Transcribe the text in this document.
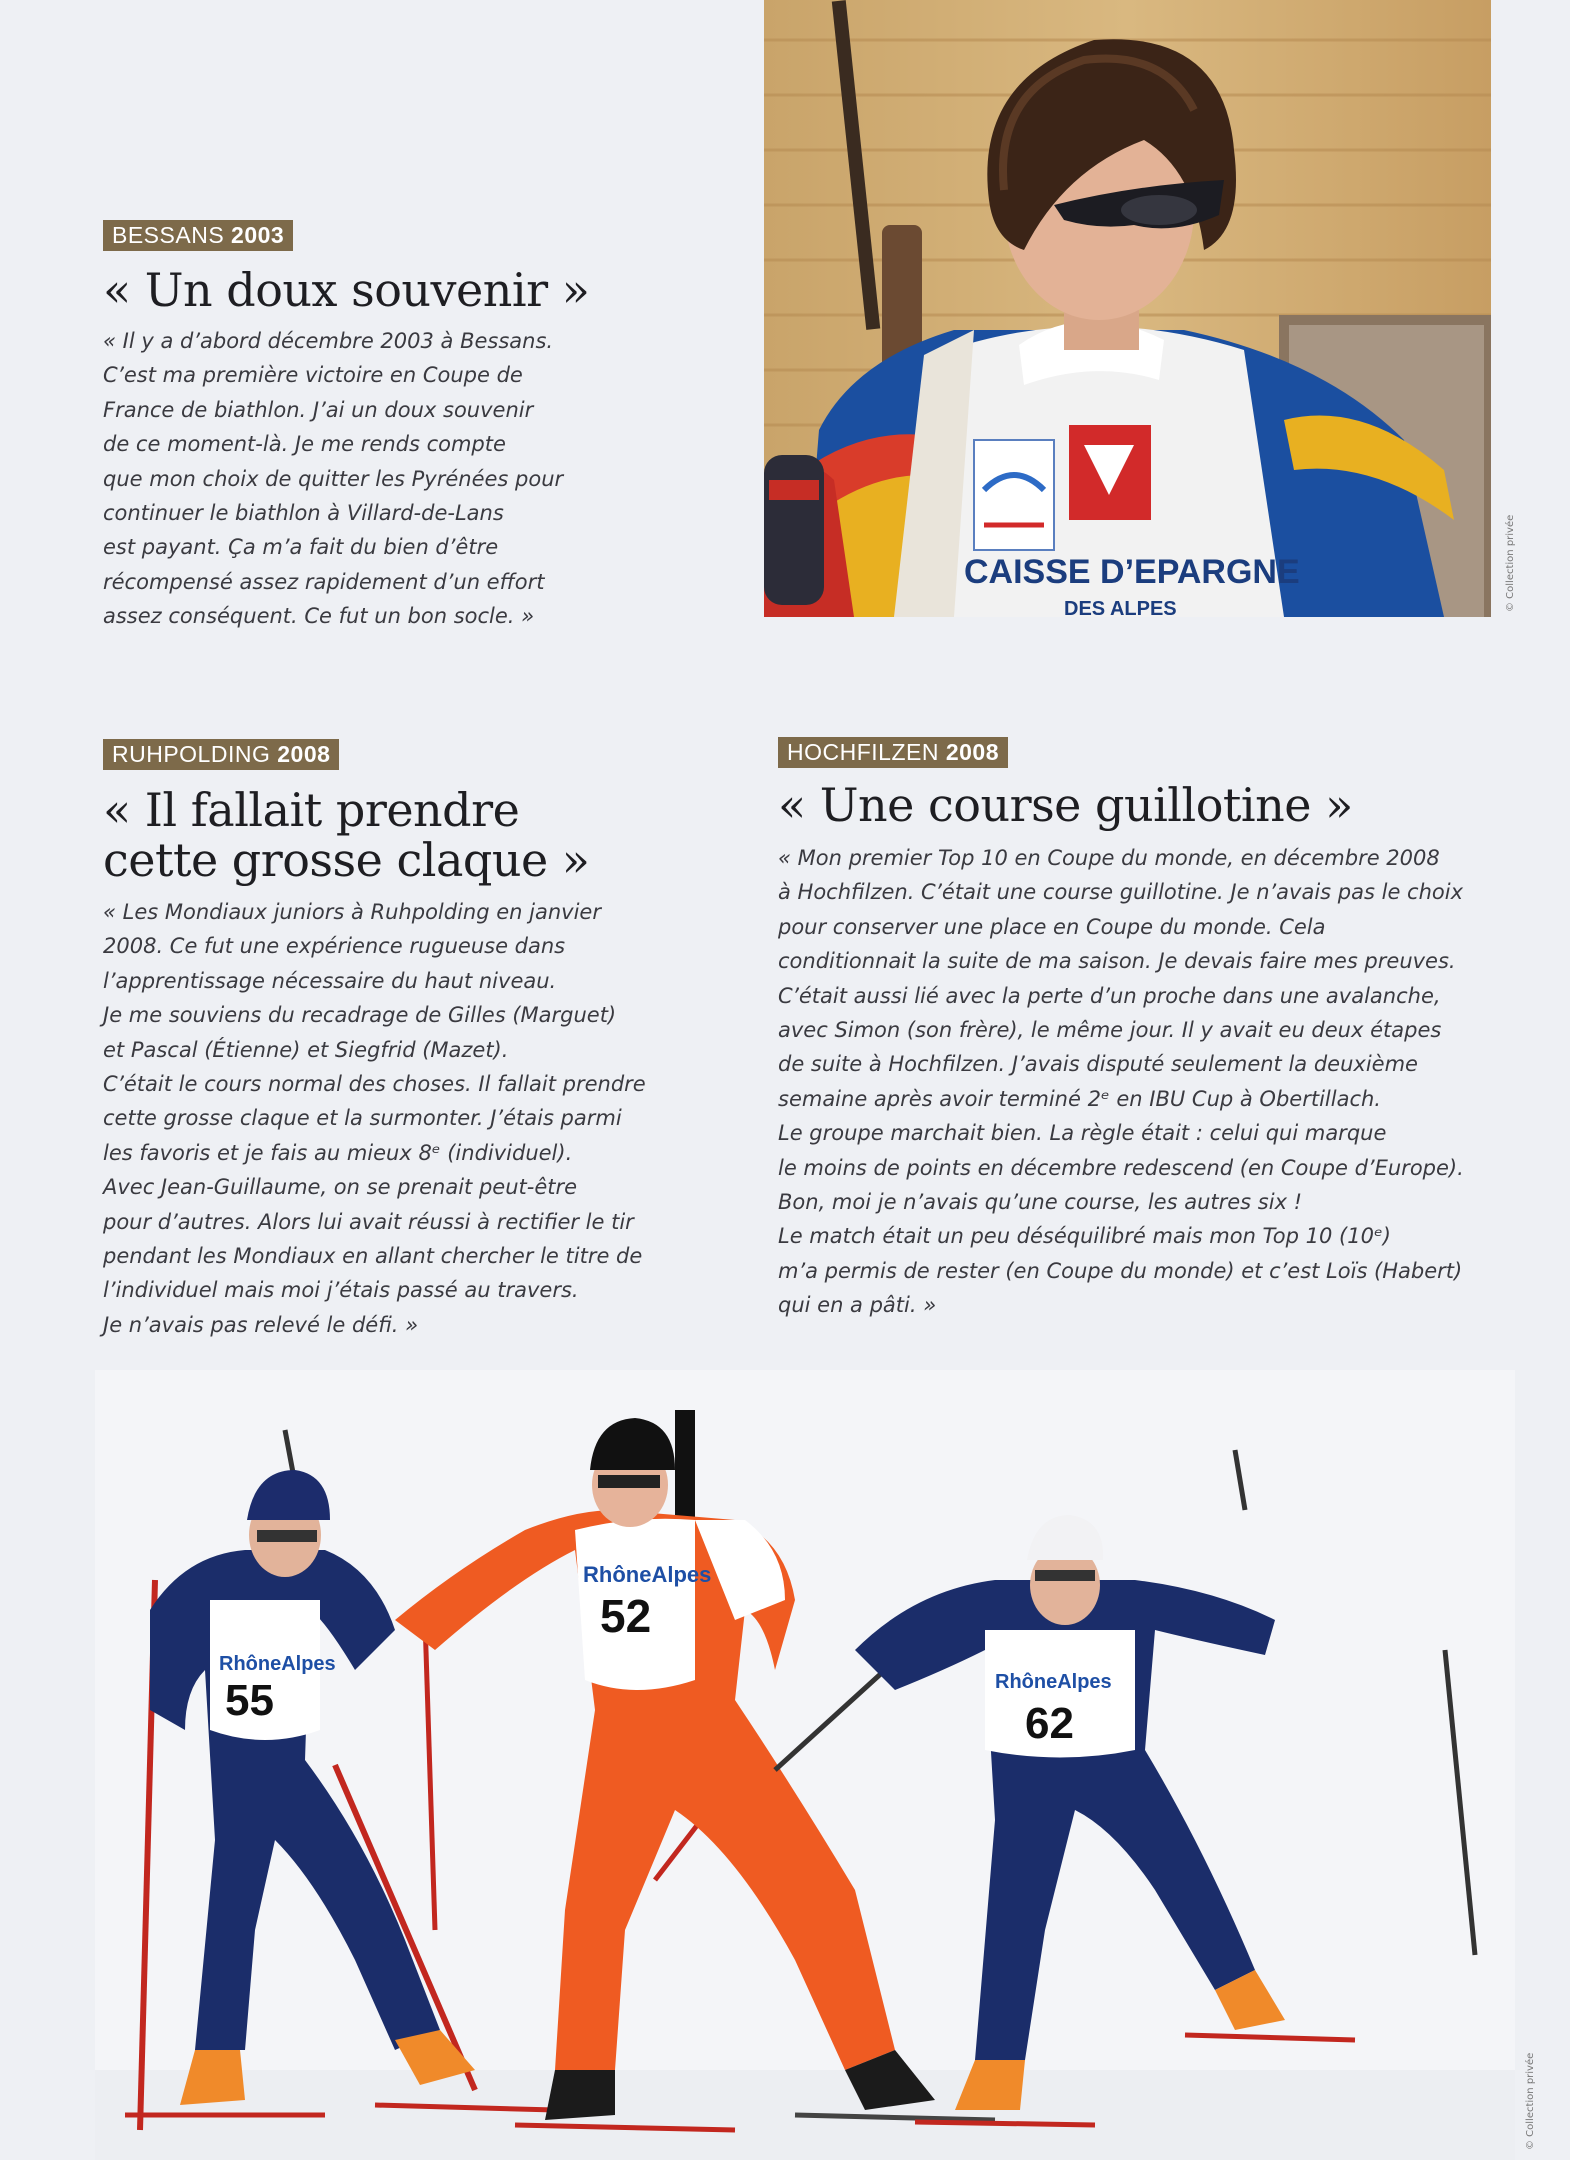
CAISSE D’EPARGNE
DES ALPES	© Collection privée
BESSANS 2003
« Un doux souvenir »
« Il y a d’abord décembre 2003 à Bessans.
C’est ma première victoire en Coupe de
France de biathlon. J’ai un doux souvenir
de ce moment-là. Je me rends compte
que mon choix de quitter les Pyrénées pour
continuer le biathlon à Villard-de-Lans
est payant. Ça m’a fait du bien d’être
récompensé assez rapidement d’un effort
assez conséquent. Ce fut un bon socle. »
RUHPOLDING 2008
« Il fallait prendre
cette grosse claque »
« Les Mondiaux juniors à Ruhpolding en janvier
2008. Ce fut une expérience rugueuse dans
l’apprentissage nécessaire du haut niveau.
Je me souviens du recadrage de Gilles (Marguet)
et Pascal (Étienne) et Siegfrid (Mazet).
C’était le cours normal des choses. Il fallait prendre
cette grosse claque et la surmonter. J’étais parmi
les favoris et je fais au mieux 8ᵉ (individuel).
Avec Jean-Guillaume, on se prenait peut-être
pour d’autres. Alors lui avait réussi à rectifier le tir
pendant les Mondiaux en allant chercher le titre de
l’individuel mais moi j’étais passé au travers.
Je n’avais pas relevé le défi. »
HOCHFILZEN 2008
« Une course guillotine »
« Mon premier Top 10 en Coupe du monde, en décembre 2008
à Hochfilzen. C’était une course guillotine. Je n’avais pas le choix
pour conserver une place en Coupe du monde. Cela
conditionnait la suite de ma saison. Je devais faire mes preuves.
C’était aussi lié avec la perte d’un proche dans une avalanche,
avec Simon (son frère), le même jour. Il y avait eu deux étapes
de suite à Hochfilzen. J’avais disputé seulement la deuxième
semaine après avoir terminé 2ᵉ en IBU Cup à Obertillach.
Le groupe marchait bien. La règle était : celui qui marque
le moins de points en décembre redescend (en Coupe d’Europe).
Bon, moi je n’avais qu’une course, les autres six !
Le match était un peu déséquilibré mais mon Top 10 (10ᵉ)
m’a permis de rester (en Coupe du monde) et c’est Loïs (Habert)
qui en a pâti. »
RhôneAlpes
55
RhôneAlpes
52
RhôneAlpes
62
© Collection privée
